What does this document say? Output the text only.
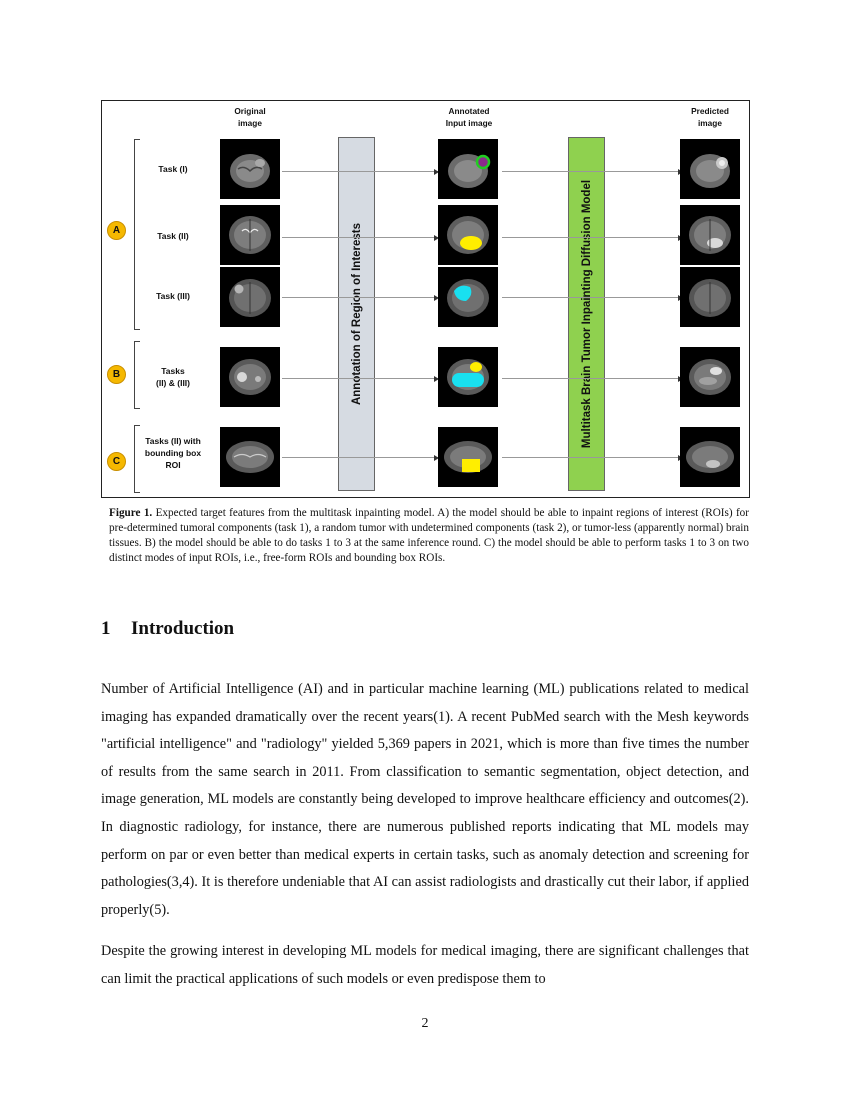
Original
image
Annotated
Input image
Predicted
image
A
B
C
Task (I)
Task (II)
Task (III)
Tasks
(II) & (III)
Tasks (II) with
bounding box
ROI
Annotation of Region of Interests	Multitask Brain Tumor Inpainting Diffusion Model
Figure 1. Expected target features from the multitask inpainting model. A) the model should be able to inpaint regions of interest (ROIs) for pre-determined tumoral components (task 1), a random tumor with undetermined components (task 2), or tumor-less (apparently normal) brain tissues. B) the model should be able to do tasks 1 to 3 at the same inference round. C) the model should be able to perform tasks 1 to 3 on two distinct modes of input ROIs, i.e., free-form ROIs and bounding box ROIs.
1 Introduction

Number of Artificial Intelligence (AI) and in particular machine learning (ML) publications related to medical imaging has expanded dramatically over the recent years(1). A recent PubMed search with the Mesh keywords "artificial intelligence" and "radiology" yielded 5,369 papers in 2021, which is more than five times the number of results from the same search in 2011. From classification to semantic segmentation, object detection, and image generation, ML models are constantly being developed to improve healthcare efficiency and outcomes(2). In diagnostic radiology, for instance, there are numerous published reports indicating that ML models may perform on par or even better than medical experts in certain tasks, such as anomaly detection and screening for pathologies(3,4). It is therefore undeniable that AI can assist radiologists and drastically cut their labor, if applied properly(5).

Despite the growing interest in developing ML models for medical imaging, there are significant challenges that can limit the practical applications of such models or even predispose them to

2
